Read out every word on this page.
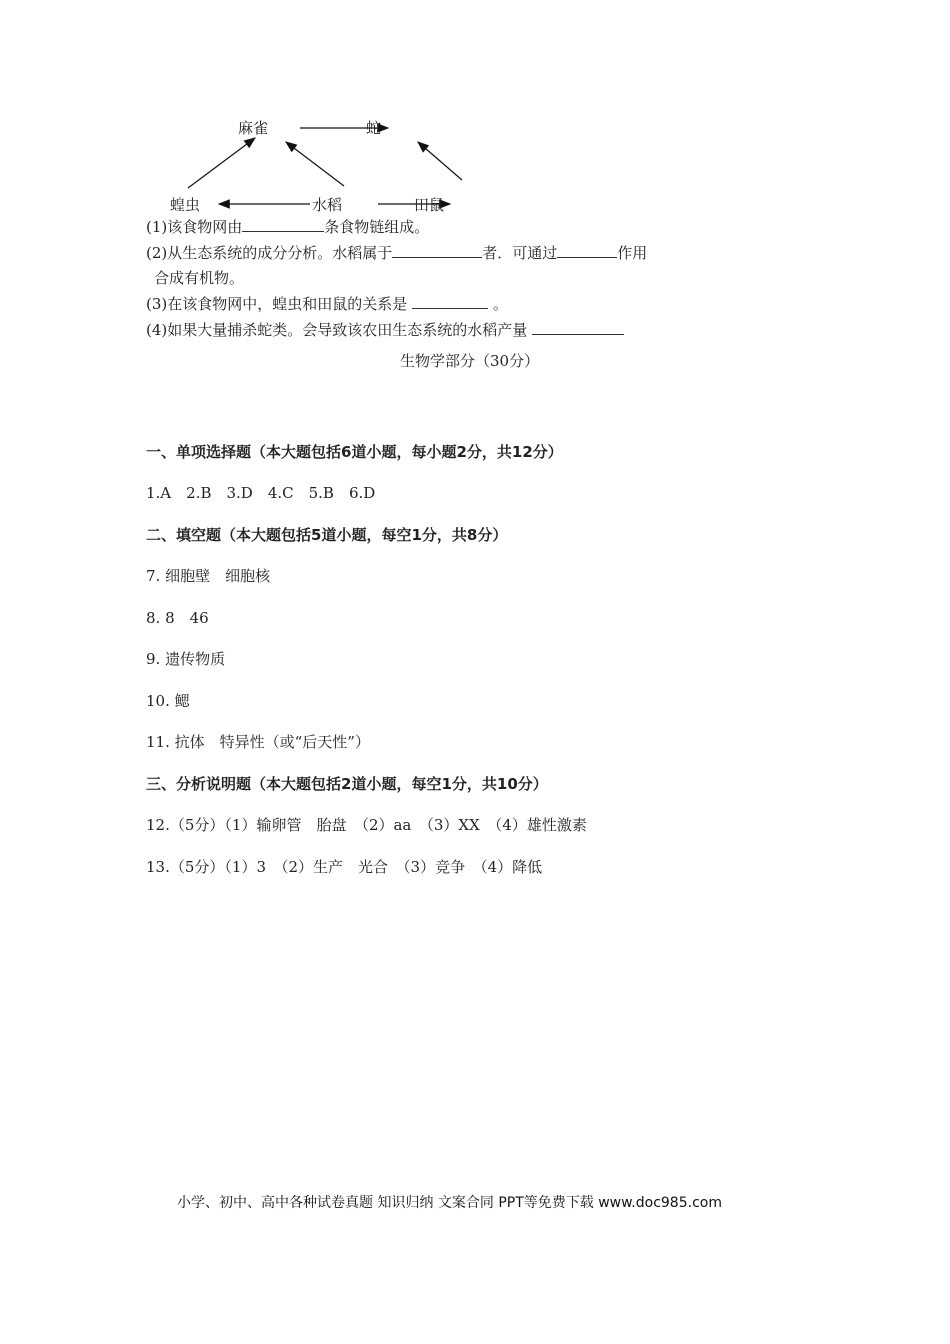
麻雀	蛇
蝗虫	水稻	田鼠
(1)该食物网由	条食物链组成。
(2)从生态系统的成分分析。水稻属于	者．可通过	作用
合成有机物。
(3)在该食物网中，蝗虫和田鼠的关系是	。
(4)如果大量捕杀蛇类。会导致该农田生态系统的水稻产量
生物学部分（30分）
一、单项选择题（本大题包括6道小题，每小题2分，共12分）
1.A　2.B　3.D　4.C　5.B　6.D
二、填空题（本大题包括5道小题，每空1分，共8分）
7. 细胞壁　细胞核
8. 8　46
9. 遗传物质
10. 鳃
11. 抗体　特异性（或“后天性”）
三、分析说明题（本大题包括2道小题，每空1分，共10分）
12.（5分）（1）输卵管　胎盘　（2）aa　（3）XX　（4）雄性激素
13.（5分）（1）3　（2）生产　光合　（3）竞争　（4）降低
小学、初中、高中各种试卷真题 知识归纳 文案合同 PPT等免费下载 www.doc985.com
